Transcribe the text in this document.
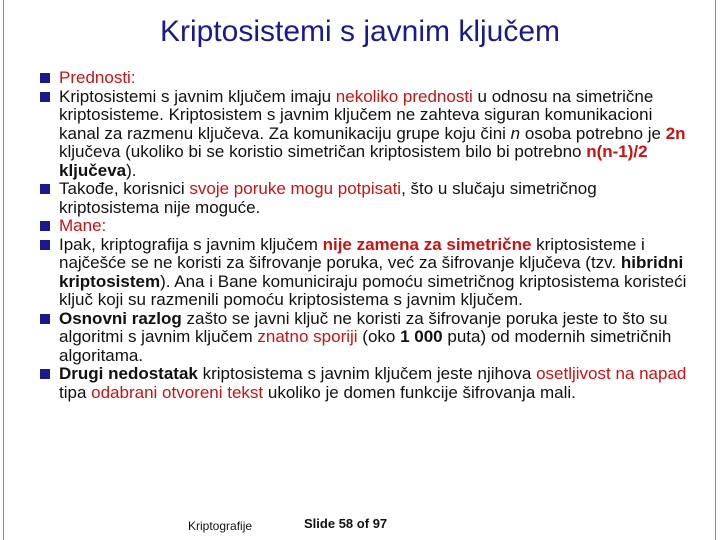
Kriptosistemi s javnim ključem
Prednosti:
Kriptosistemi s javnim ključem imaju nekoliko prednosti u odnosu na simetrične kriptosisteme. Kriptosistem s javnim ključem ne zahteva siguran komunikacioni kanal za razmenu ključeva. Za komunikaciju grupe koju čini n osoba potrebno je 2n ključeva (ukoliko bi se koristio simetričan kriptosistem bilo bi potrebno n(n-1)/2 ključeva).
Takođe, korisnici svoje poruke mogu potpisati, što u slučaju simetričnog kriptosistema nije moguće.
Mane:
Ipak, kriptografija s javnim ključem nije zamena za simetrične kriptosisteme i najčešće se ne koristi za šifrovanje poruka, već za šifrovanje ključeva (tzv. hibridni kriptosistem). Ana i Bane komuniciraju pomoću simetričnog kriptosistema koristeći ključ koji su razmenili pomoću kriptosistema s javnim ključem.
Osnovni razlog zašto se javni ključ ne koristi za šifrovanje poruka jeste to što su algoritmi s javnim ključem znatno sporiji (oko 1 000 puta) od modernih simetričnih algoritama.
Drugi nedostatak kriptosistema s javnim ključem jeste njihova osetljivost na napad tipa odabrani otvoreni tekst ukoliko je domen funkcije šifrovanja mali.
Kriptografije	Slide 58 of 97
